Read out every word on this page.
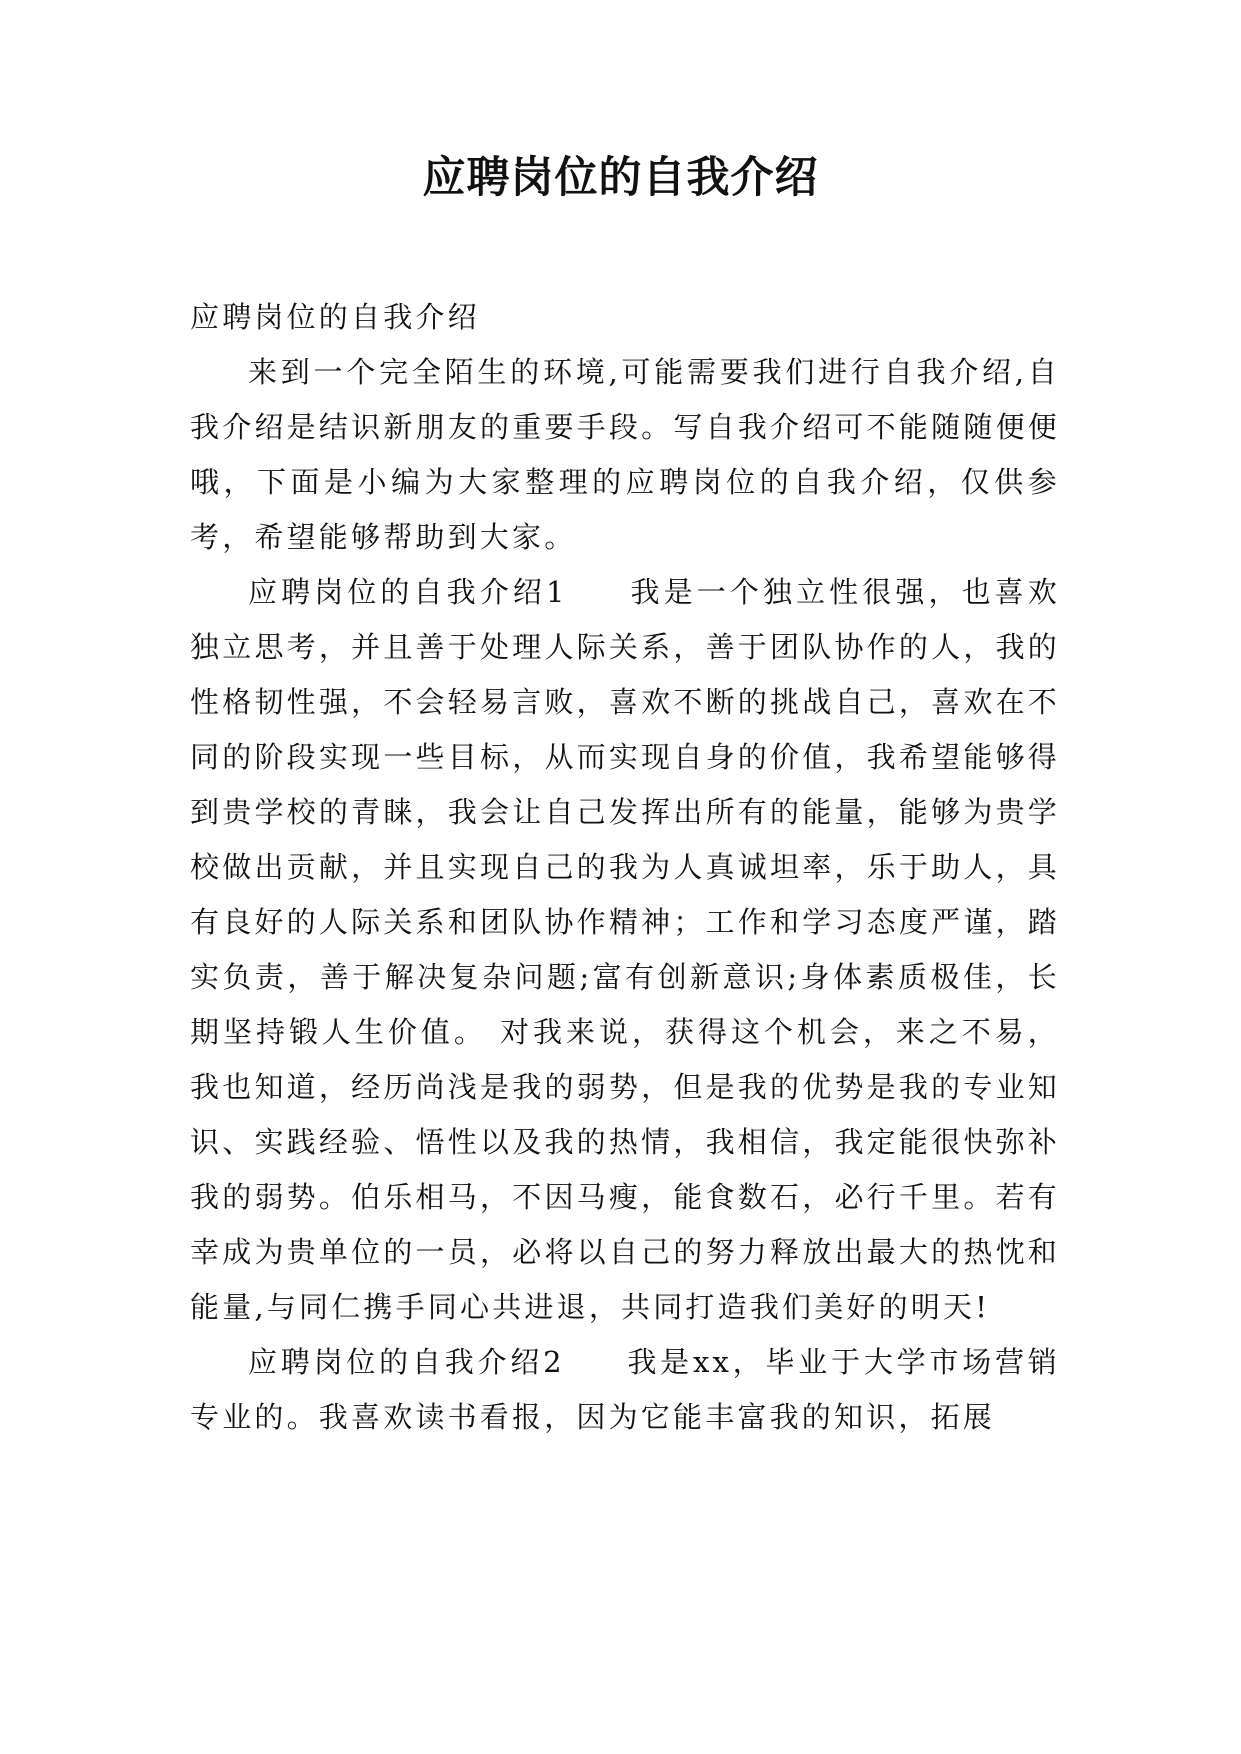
应聘岗位的自我介绍

应聘岗位的自我介绍

来到一个完全陌生的环境,可能需要我们进行自我介绍,自我介绍是结识新朋友的重要手段。写自我介绍可不能随随便便哦，下面是小编为大家整理的应聘岗位的自我介绍，仅供参考，希望能够帮助到大家。

应聘岗位的自我介绍1 我是一个独立性很强，也喜欢独立思考，并且善于处理人际关系，善于团队协作的人，我的性格韧性强，不会轻易言败，喜欢不断的挑战自己，喜欢在不同的阶段实现一些目标，从而实现自身的价值，我希望能够得到贵学校的青睐，我会让自己发挥出所有的能量，能够为贵学校做出贡献，并且实现自己的我为人真诚坦率，乐于助人，具有良好的人际关系和团队协作精神；工作和学习态度严谨，踏实负责，善于解决复杂问题;富有创新意识;身体素质极佳，长期坚持锻人生价值。 对我来说，获得这个机会，来之不易，我也知道，经历尚浅是我的弱势，但是我的优势是我的专业知识、实践经验、悟性以及我的热情，我相信，我定能很快弥补我的弱势。伯乐相马，不因马瘦，能食数石，必行千里。若有幸成为贵单位的一员，必将以自己的努力释放出最大的热忱和能量,与同仁携手同心共进退，共同打造我们美好的明天!

应聘岗位的自我介绍2 我是xx，毕业于大学市场营销专业的。我喜欢读书看报，因为它能丰富我的知识，拓展
